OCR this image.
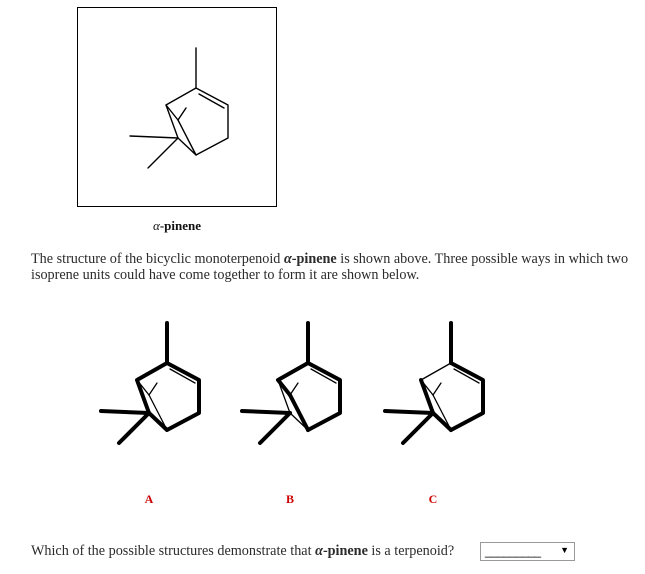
α-pinene
The structure of the bicyclic monoterpenoid α-pinene is shown above. Three possible ways in which two isoprene units could have come together to form it are shown below.
A	B	C
Which of the possible structures demonstrate that α-pinene is a terpenoid?	_________ ▼
